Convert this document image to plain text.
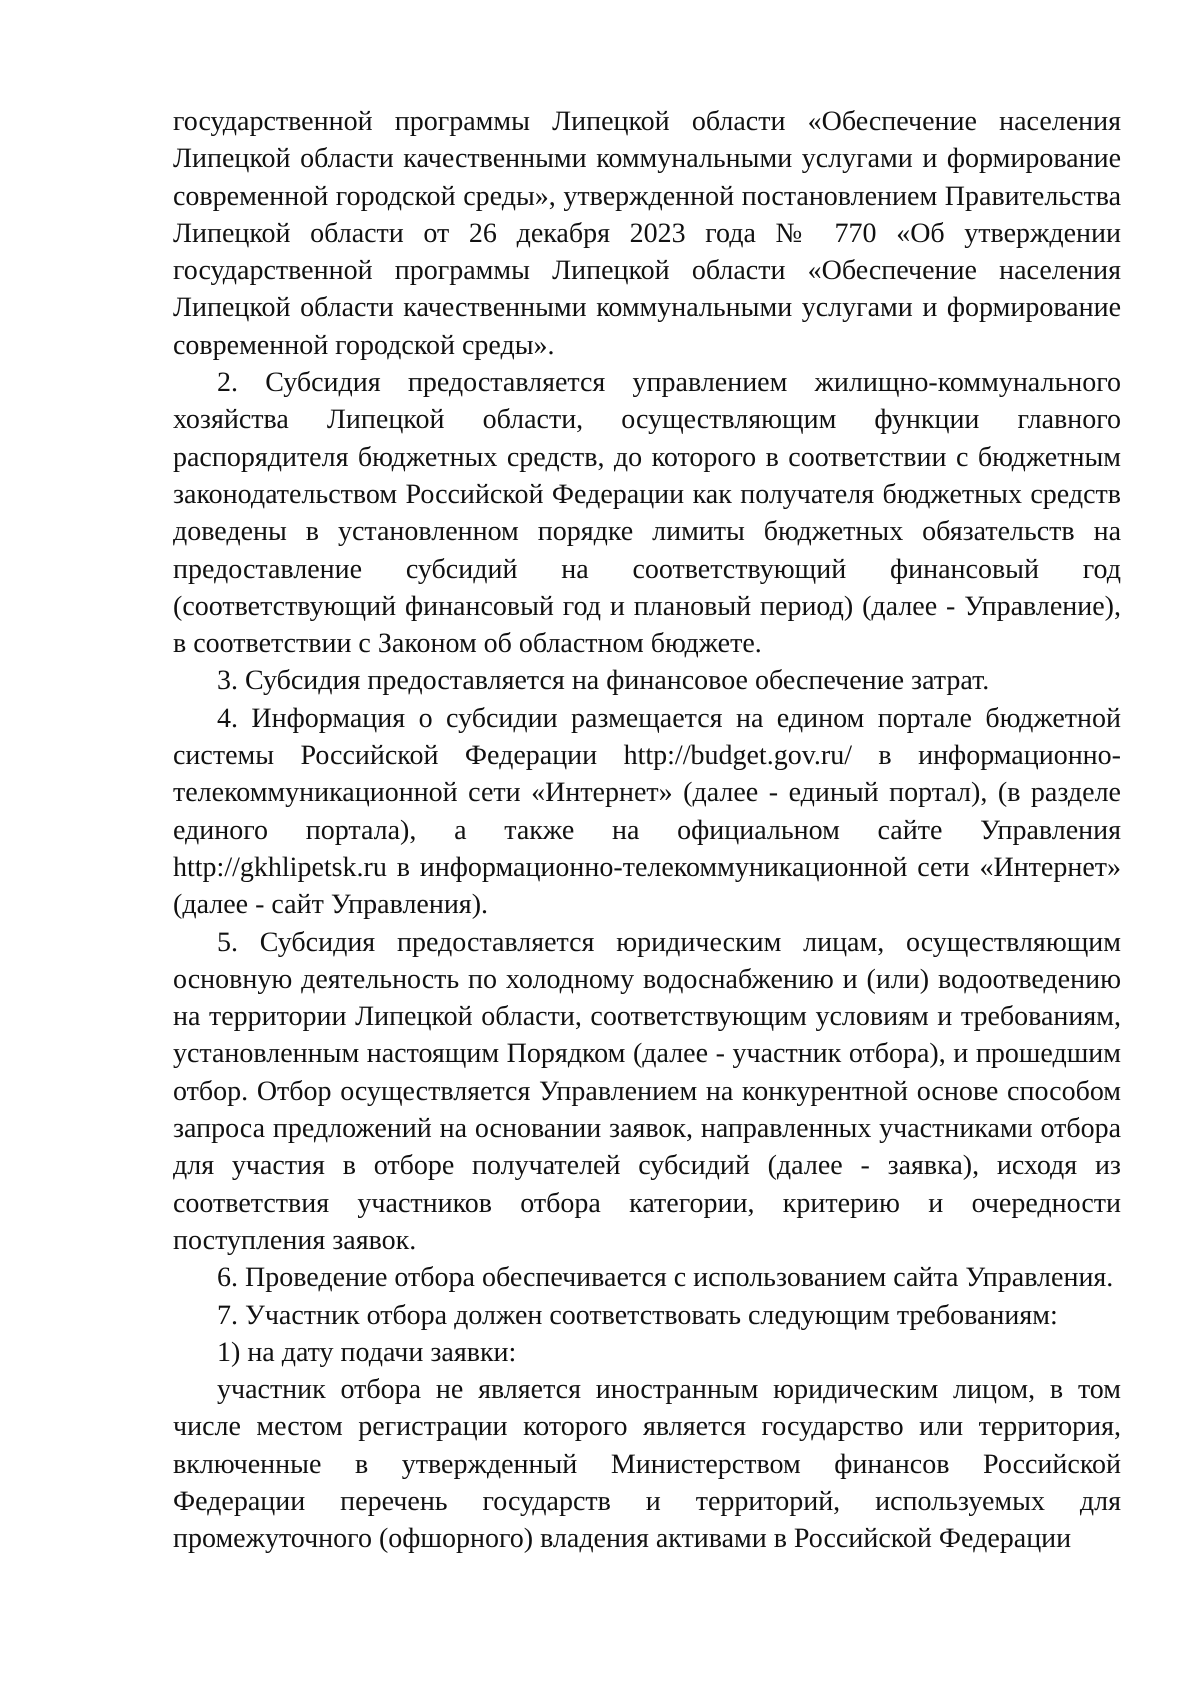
государственной программы Липецкой области «Обеспечение населения Липецкой области качественными коммунальными услугами и формирование современной городской среды», утвержденной постановлением Правительства Липецкой области от 26 декабря 2023 года № 770 «Об утверждении государственной программы Липецкой области «Обеспечение населения Липецкой области качественными коммунальными услугами и формирование современной городской среды».

2. Субсидия предоставляется управлением жилищно-коммунального хозяйства Липецкой области, осуществляющим функции главного распорядителя бюджетных средств, до которого в соответствии с бюджетным законодательством Российской Федерации как получателя бюджетных средств доведены в установленном порядке лимиты бюджетных обязательств на предоставление субсидий на соответствующий финансовый год (соответствующий финансовый год и плановый период) (далее - Управление), в соответствии с Законом об областном бюджете.

3. Субсидия предоставляется на финансовое обеспечение затрат.

4. Информация о субсидии размещается на едином портале бюджетной системы Российской Федерации http://budget.gov.ru/ в информационно-телекоммуникационной сети «Интернет» (далее - единый портал), (в разделе единого портала), а также на официальном сайте Управления http://gkhlipetsk.ru в информационно-телекоммуникационной сети «Интернет» (далее - сайт Управления).

5. Субсидия предоставляется юридическим лицам, осуществляющим основную деятельность по холодному водоснабжению и (или) водоотведению на территории Липецкой области, соответствующим условиям и требованиям, установленным настоящим Порядком (далее - участник отбора), и прошедшим отбор. Отбор осуществляется Управлением на конкурентной основе способом запроса предложений на основании заявок, направленных участниками отбора для участия в отборе получателей субсидий (далее - заявка), исходя из соответствия участников отбора категории, критерию и очередности поступления заявок.

6. Проведение отбора обеспечивается с использованием сайта Управления.

7. Участник отбора должен соответствовать следующим требованиям:

1) на дату подачи заявки:

участник отбора не является иностранным юридическим лицом, в том числе местом регистрации которого является государство или территория, включенные в утвержденный Министерством финансов Российской Федерации перечень государств и территорий, используемых для промежуточного (офшорного) владения активами в Российской Федерации
